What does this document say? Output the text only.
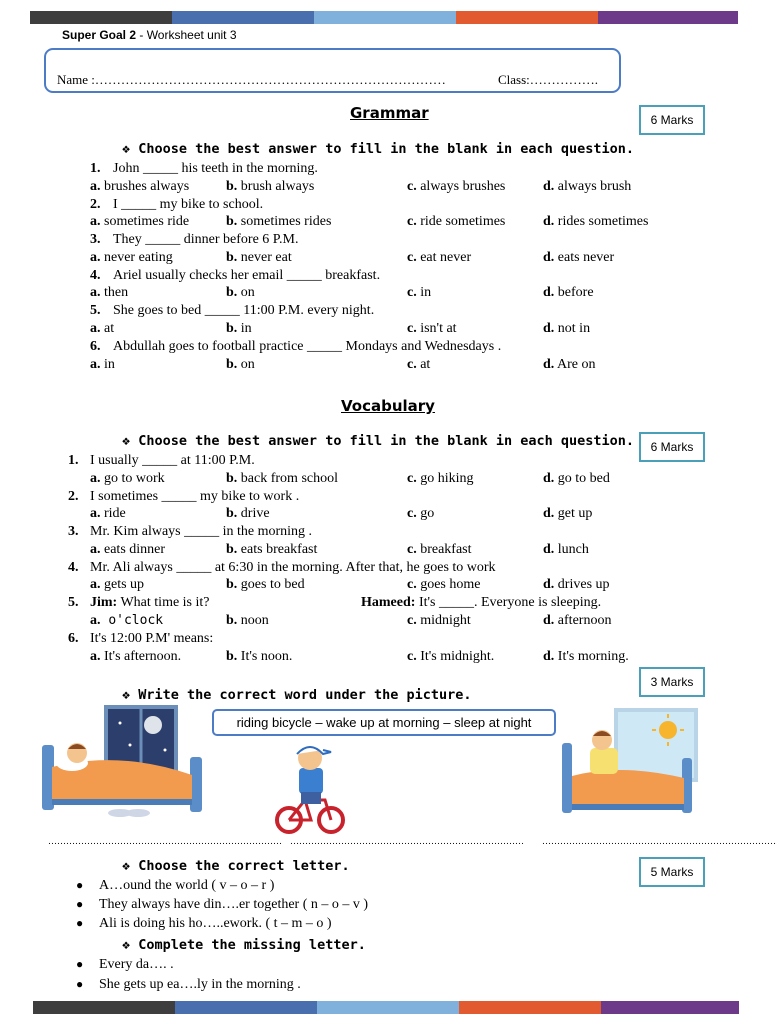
Super Goal 2 - Worksheet unit 3
Name :………………………………………………………………………	Class:…………….
Grammar	6 Marks
❖ Choose the best answer to fill in the blank in each question.
1. John _____ his teeth in the morning.
a. brushes always	b. brush always	c. always brushes	d. always brush
2. I _____ my bike to school.
a. sometimes ride	b. sometimes rides	c. ride sometimes	d. rides sometimes
3. They _____ dinner before 6 P.M.
a. never eating	b. never eat	c. eat never	d. eats never
4. Ariel usually checks her email _____ breakfast.
a. then	b. on	c. in	d. before
5. She goes to bed _____ 11:00 P.M. every night.
a. at	b. in	c. isn't at	d. not in
6. Abdullah goes to football practice _____ Mondays and Wednesdays .
a. in	b. on	c. at	d. Are on
Vocabulary
6 Marks
❖ Choose the best answer to fill in the blank in each question.
1. I usually _____ at 11:00 P.M.
a. go to work	b. back from school	c. go hiking	d. go to bed
2. I sometimes _____ my bike to work .
a. ride	b. drive	c. go	d. get up
3. Mr. Kim always _____ in the morning .
a. eats dinner	b. eats breakfast	c. breakfast	d. lunch
4. Mr. Ali always _____ at 6:30 in the morning. After that, he goes to work
a. gets up	b. goes to bed	c. goes home	d. drives up
5. Jim: What time is it?	Hameed: It's _____. Everyone is sleeping.
a. o'clock	b. noon	c. midnight	d. afternoon
6. It's 12:00 P.M' means:
a. It's afternoon.	b. It's noon.	c. It's midnight.	d. It's morning.
3 Marks
❖ Write the correct word under the picture.
riding bicycle – wake up at morning – sleep at night
…………………………………………………………………… …………………………………………………………………… ……………………………………………………………………
5 Marks
❖ Choose the correct letter.
● A…ound the world ( v – o – r )
● They always have din….er together ( n – o – v )
● Ali is doing his ho…..ework. ( t – m – o )
❖ Complete the missing letter.
● Every da…. .
● She gets up ea….ly in the morning .
